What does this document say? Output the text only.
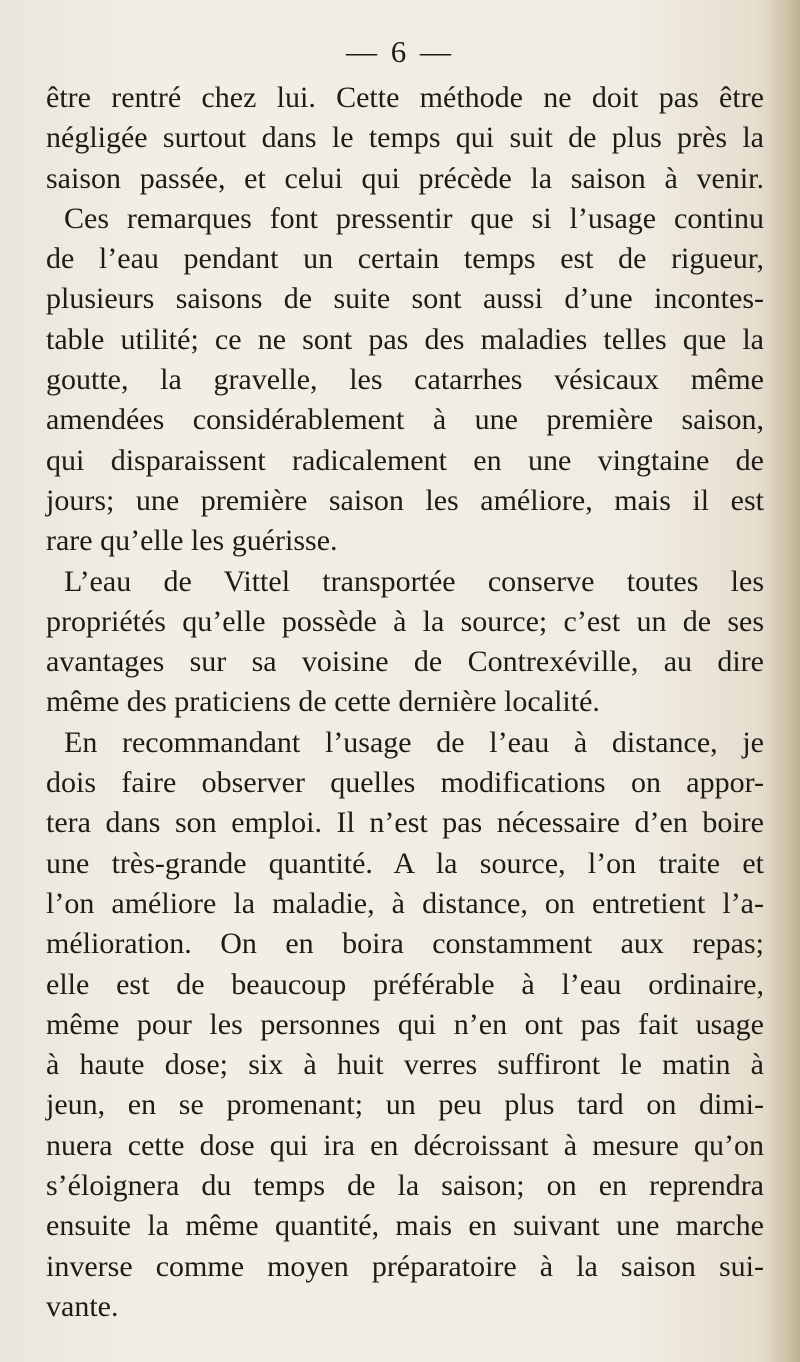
— 6 —
être rentré chez lui. Cette méthode ne doit pas être
négligée surtout dans le temps qui suit de plus près la
saison passée, et celui qui précède la saison à venir.
Ces remarques font pressentir que si l’usage continu
de l’eau pendant un certain temps est de rigueur,
plusieurs saisons de suite sont aussi d’une incontes-
table utilité; ce ne sont pas des maladies telles que la
goutte, la gravelle, les catarrhes vésicaux même
amendées considérablement à une première saison,
qui disparaissent radicalement en une vingtaine de
jours; une première saison les améliore, mais il est
rare qu’elle les guérisse.
L’eau de Vittel transportée conserve toutes les
propriétés qu’elle possède à la source; c’est un de ses
avantages sur sa voisine de Contrexéville, au dire
même des praticiens de cette dernière localité.
En recommandant l’usage de l’eau à distance, je
dois faire observer quelles modifications on appor-
tera dans son emploi. Il n’est pas nécessaire d’en boire
une très-grande quantité. A la source, l’on traite et
l’on améliore la maladie, à distance, on entretient l’a-
mélioration. On en boira constamment aux repas;
elle est de beaucoup préférable à l’eau ordinaire,
même pour les personnes qui n’en ont pas fait usage
à haute dose; six à huit verres suffiront le matin à
jeun, en se promenant; un peu plus tard on dimi-
nuera cette dose qui ira en décroissant à mesure qu’on
s’éloignera du temps de la saison; on en reprendra
ensuite la même quantité, mais en suivant une marche
inverse comme moyen préparatoire à la saison sui-
vante.
